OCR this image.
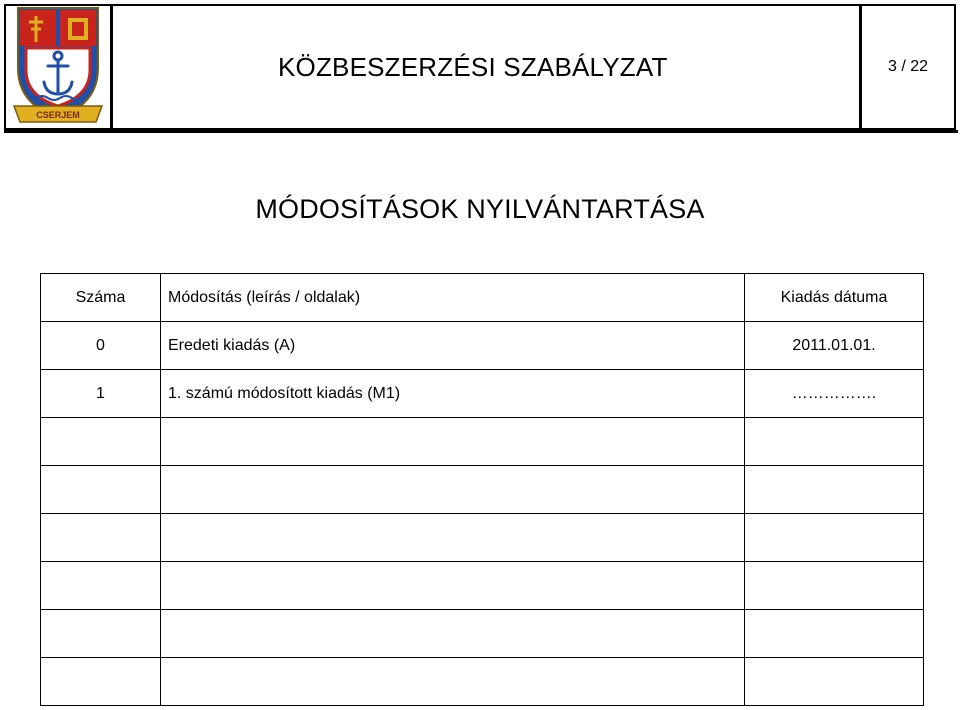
CSERJEM
KÖZBESZERZÉSI SZABÁLYZAT	3 / 22
MÓDOSÍTÁSOK NYILVÁNTARTÁSA
Száma	Módosítás (leírás / oldalak)	Kiadás dátuma
0	Eredeti kiadás (A)	2011.01.01.
1	1. számú módosított kiadás (M1)	…………….
